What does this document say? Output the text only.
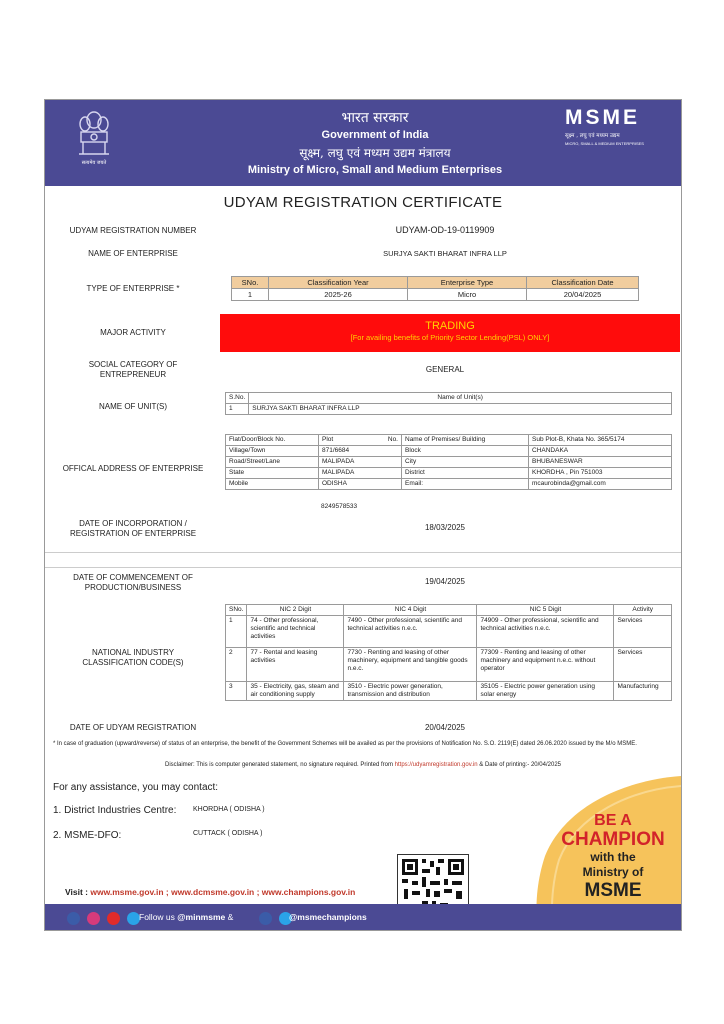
सत्यमेव जयते
भारत सरकार
Government of India
सूक्ष्म, लघु एवं मध्यम उद्यम मंत्रालय
Ministry of Micro, Small and Medium Enterprises
MSME
सूक्ष्म , लघु एवं मध्यम उद्यम
MICRO, SMALL & MEDIUM ENTERPRISES
UDYAM REGISTRATION CERTIFICATE
UDYAM REGISTRATION NUMBER	UDYAM-OD-19-0119909
NAME OF ENTERPRISE	SURJYA SAKTI BHARAT INFRA LLP
TYPE OF ENTERPRISE *
SNo.	Classification Year	Enterprise Type	Classification Date
1	2025-26	Micro	20/04/2025
MAJOR ACTIVITY
TRADING
[For availing benefits of Priority Sector Lending(PSL) ONLY]
SOCIAL CATEGORY OF
ENTREPRENEUR
GENERAL
NAME OF UNIT(S)
S.No.	Name of Unit(s)
1	SURJYA SAKTI BHARAT INFRA LLP
OFFICAL ADDRESS OF ENTERPRISE
Flat/Door/Block No.	Plot No.	Name of Premises/ Building	Sub Plot-B, Khata No. 365/5174
Village/Town	871/6684	Block	CHANDAKA
Road/Street/Lane	MALIPADA	City	BHUBANESWAR
State	MALIPADA	District	KHORDHA , Pin 751003
Mobile	ODISHA	Email:	mcaurobinda@gmail.com
8249578533
DATE OF INCORPORATION /
REGISTRATION OF ENTERPRISE
18/03/2025
DATE OF COMMENCEMENT OF
PRODUCTION/BUSINESS
19/04/2025
NATIONAL INDUSTRY
CLASSIFICATION CODE(S)
SNo.	NIC 2 Digit	NIC 4 Digit	NIC 5 Digit	Activity
1	74 - Other professional, scientific and technical activities	7490 - Other professional, scientific and technical activities n.e.c.	74909 - Other professional, scientific and technical activities n.e.c.	Services
2	77 - Rental and leasing activities	7730 - Renting and leasing of other machinery, equipment and tangible goods n.e.c.	77309 - Renting and leasing of other machinery and equipment n.e.c. without operator	Services
3	35 - Electricity, gas, steam and air conditioning supply	3510 - Electric power generation, transmission and distribution	35105 - Electric power generation using solar energy	Manufacturing
DATE OF UDYAM REGISTRATION	20/04/2025
* In case of graduation (upward/reverse) of status of an enterprise, the benefit of the Government Schemes will be availed as per the provisions of Notification No. S.O. 2119(E) dated 26.06.2020 issued by the M/o MSME.
Disclaimer: This is computer generated statement, no signature required. Printed from https://udyamregistration.gov.in & Date of printing:- 20/04/2025
For any assistance, you may contact:
1. District Industries Centre: KHORDHA ( ODISHA )
2. MSME-DFO:	CUTTACK ( ODISHA )
BE A
CHAMPION
with the
Ministry of
MSME
Visit : www.msme.gov.in ; www.dcmsme.gov.in ; www.champions.gov.in

Follow us @minmsme &
	@msmechampions
